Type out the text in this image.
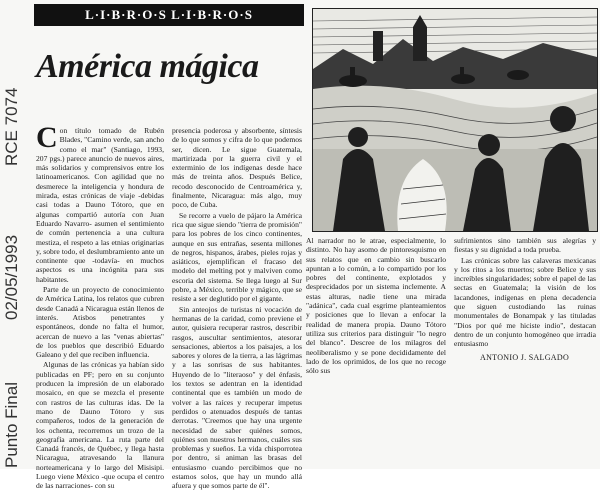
L·I·B·R·O·S L·I·B·R·O·S
América mágica

Con título tomado de Rubén Blades, "Camino verde, san ancho como el mar" (Santiago, 1993, 207 pgs.) parece anuncio de nuevos aires, más solidarios y comprensivos entre los latinoamericanos. Con agilidad que no desmerece la inteligencia y hondura de mirada, estas crónicas de viaje -debidas casi todas a Dauno Tótoro, que en algunas compartió autoría con Juan Eduardo Navarro- asumen el sentimiento de común pertenencia a una cultura mestiza, el respeto a las etnias originarias y, sobre todo, el deslumbramiento ante un continente que -todavía- en muchos aspectos es una incógnita para sus habitantes.

Parte de un proyecto de conocimiento de América Latina, los relatos que cubren desde Canadá a Nicaragua están llenos de interés. Atisbos penetrantes y espontáneos, donde no falta el humor, acercan de nuevo a las "venas abiertas" de los pueblos que describió Eduardo Galeano y del que reciben influencia.

Algunas de las crónicas ya habían sido publicadas en PF; pero en su conjunto producen la impresión de un elaborado mosaico, en que se mezcla el presente con rastros de las culturas idas. De la mano de Dauno Tótoro y sus compañeros, todos de la generación de los ochenta, recorremos un trozo de la geografía americana. La ruta parte del Canadá francés, de Québec, y llega hasta Nicaragua, atravesando la llanura norteamericana y lo largo del Misisipi. Luego viene México -que ocupa el centro de las narraciones- con su

presencia poderosa y absorbente, síntesis de lo que somos y cifra de lo que podemos ser, dicen. Le sigue Guatemala, martirizada por la guerra civil y el exterminio de los indígenas desde hace más de treinta años. Después Belice, recodo desconocido de Centroamérica y, finalmente, Nicaragua: más algo, muy poco, de Cuba.

Se recorre a vuelo de pájaro la América rica que sigue siendo "tierra de promisión" para los pobres de los cinco continentes, aunque en sus entrañas, sesenta millones de negros, hispanos, árabes, pieles rojas y asiáticos, ejemplifican el fracaso del modelo del melting pot y malviven como escoria del sistema. Se llega luego al Sur pobre, a México, terrible y mágico, que se resiste a ser deglutido por el gigante.

Sin anteojos de turistas ni vocación de hermanas de la caridad, como previene el autor, quisiera recuperar rastros, describir rasgos, auscultar sentimientos, atesorar sensaciones, abiertos a los paisajes, a los sabores y olores de la tierra, a las lágrimas y a las sonrisas de sus habitantes. Huyendo de lo "literaoso" y del énfasis, los textos se adentran en la identidad continental que es también un modo de volver a las raíces y recuperar impetus perdidos o atenuados después de tantas derrotas. "Creemos que hay una urgente necesidad de saber quiénes somos, quiénes son nuestros hermanos, cuáles sus problemas y sueños. La vida chisporrotea por dentro, si animan las brasas del entusiasmo cuando percibimos que no estamos solos, que hay un mundo allá afuera y que somos parte de él".

Al narrador no le atrae, especialmente, lo distinto. No hay asomo de pintoresquismo en sus relatos que en cambio sin buscarlo apuntan a lo común, a lo compartido por los pobres del continente, explotados y desprecidados por un sistema inclemente. A estas alturas, nadie tiene una mirada "adánica", cada cual esgrime planteamientos y posiciones que lo llevan a enfocar la realidad de manera propia. Dauno Tótoro utiliza sus criterios para distinguir "lo negro del blanco". Descree de los milagros del neoliberalismo y se pone decididamente del lado de los oprimidos, de los que no recoge sólo sus

sufrimientos sino también sus alegrías y fiestas y su dignidad a toda prueba.

Las crónicas sobre las calaveras mexicanas y los ritos a los muertos; sobre Belice y sus increíbles singularidades; sobre el papel de las sectas en Guatemala; la visión de los lacandones, indígenas en plena decadencia que siguen custodiando las ruinas monumentales de Bonampak y las tituladas "Dios por qué me hiciste indio", destacan dentro de un conjunto homogéneo que irradia entusiasmo

ANTONIO J. SALGADO
Punto Final
02/05/1993
RCE 7074
